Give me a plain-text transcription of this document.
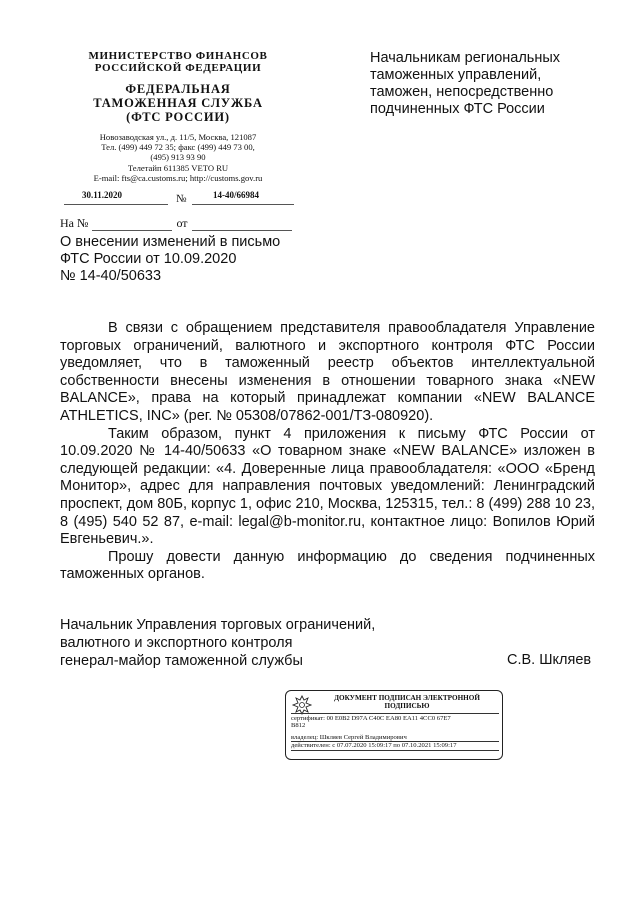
МИНИСТЕРСТВО ФИНАНСОВ
РОССИЙСКОЙ ФЕДЕРАЦИИ
ФЕДЕРАЛЬНАЯ
ТАМОЖЕННАЯ СЛУЖБА
(ФТС РОССИИ)
Новозаводская ул., д. 11/5, Москва, 121087
Тел. (499) 449 72 35; факс (499) 449 73 00,
(495) 913 93 90
Телетайп 611385 VETO RU
E-mail: fts@ca.customs.ru; http://customs.gov.ru
30.11.2020	№	14-40/66984
На №	от
О внесении изменений в письмо
ФТС России от 10.09.2020
№ 14-40/50633
Начальникам региональных
таможенных управлений,
таможен, непосредственно
подчиненных ФТС России

В связи с обращением представителя правообладателя Управление торговых ограничений, валютного и экспортного контроля ФТС России уведомляет, что в таможенный реестр объектов интеллектуальной собственности внесены изменения в отношении товарного знака «NEW BALANCE», права на который принадлежат компании «NEW BALANCE ATHLETICS, INC» (рег. № 05308/07862-001/ТЗ-080920).

Таким образом, пункт 4 приложения к письму ФТС России от 10.09.2020 № 14-40/50633 «О товарном знаке «NEW BALANCE» изложен в следующей редакции: «4. Доверенные лица правообладателя: «ООО «Бренд Монитор», адрес для направления почтовых уведомлений: Ленинградский проспект, дом 80Б, корпус 1, офис 210, Москва, 125315, тел.: 8 (499) 288 10 23, 8 (495) 540 52 87, e-mail: legal@b-monitor.ru, контактное лицо: Вопилов Юрий Евгеньевич.».

Прошу довести данную информацию до сведения подчиненных таможенных органов.

Начальник Управления торговых ограничений,
валютного и экспортного контроля
генерал-майор таможенной службы	С.В. Шкляев
ДОКУМЕНТ ПОДПИСАН ЭЛЕКТРОННОЙ
ПОДПИСЬЮ
сертификат: 00 E0B2 D97A C40C EA80 EA11 4CC0 67E7
B812
владелец: Шкляев Сергей Владимирович
действителен: с 07.07.2020 15:09:17 по 07.10.2021 15:09:17
